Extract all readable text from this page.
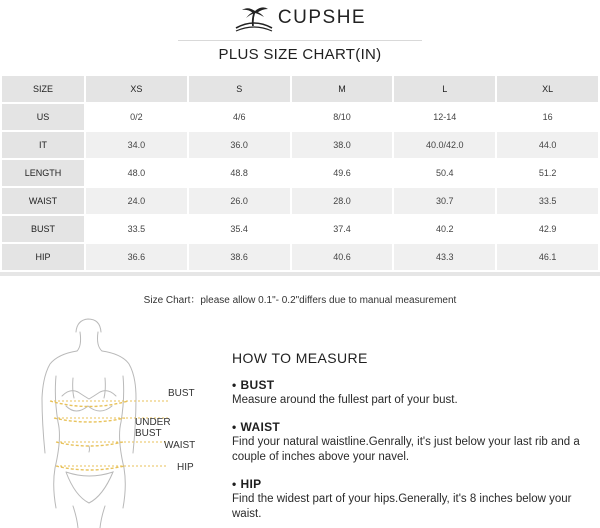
CUPSHE
PLUS SIZE CHART(IN)
SIZE	XS	S	M	L	XL
US	0/2	4/6	8/10	12-14	16
IT	34.0	36.0	38.0	40.0/42.0	44.0
LENGTH	48.0	48.8	49.6	50.4	51.2
WAIST	24.0	26.0	28.0	30.7	33.5
BUST	33.5	35.4	37.4	40.2	42.9
HIP	36.6	38.6	40.6	43.3	46.1
Size Chart：please allow 0.1"- 0.2"differs due to manual measurement
BUST
UNDER BUST
WAIST
HIP
HOW TO MEASURE
• BUST
Measure around the fullest part of your bust.
• WAIST
Find your natural waistline.Genrally, it's just below your last rib and a couple of inches above your navel.
• HIP
Find the widest part of your hips.Generally, it's 8 inches below your waist.
